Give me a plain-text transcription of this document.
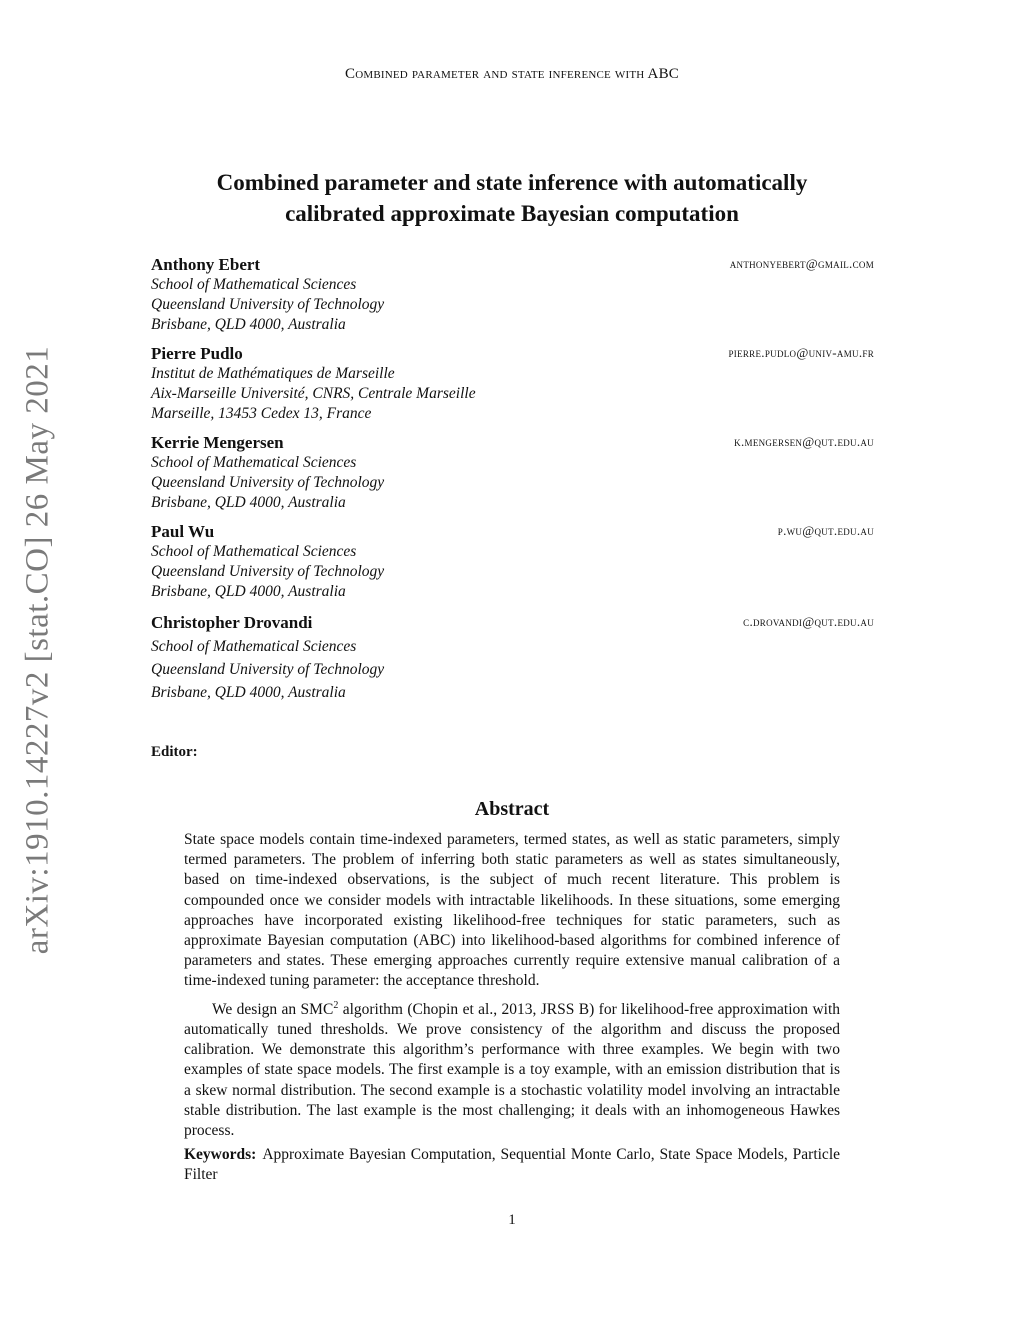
Combined parameter and state inference with ABC
arXiv:1910.14227v2 [stat.CO] 26 May 2021
Combined parameter and state inference with automatically
calibrated approximate Bayesian computation
Anthony Ebert	anthonyebert@gmail.com
School of Mathematical Sciences
Queensland University of Technology
Brisbane, QLD 4000, Australia
Pierre Pudlo	pierre.pudlo@univ-amu.fr
Institut de Mathématiques de Marseille
Aix-Marseille Université, CNRS, Centrale Marseille
Marseille, 13453 Cedex 13, France
Kerrie Mengersen	k.mengersen@qut.edu.au
School of Mathematical Sciences
Queensland University of Technology
Brisbane, QLD 4000, Australia
Paul Wu	p.wu@qut.edu.au
School of Mathematical Sciences
Queensland University of Technology
Brisbane, QLD 4000, Australia
Christopher Drovandi	c.drovandi@qut.edu.au
School of Mathematical Sciences
Queensland University of Technology
Brisbane, QLD 4000, Australia
Editor:
Abstract

State space models contain time-indexed parameters, termed states, as well as static parameters, simply termed parameters. The problem of inferring both static parameters as well as states simultaneously, based on time-indexed observations, is the subject of much recent literature. This problem is compounded once we consider models with intractable likelihoods. In these situations, some emerging approaches have incorporated existing likelihood-free techniques for static parameters, such as approximate Bayesian computation (ABC) into likelihood-based algorithms for combined inference of parameters and states. These emerging approaches currently require extensive manual calibration of a time-indexed tuning parameter: the acceptance threshold.

We design an SMC$^2$ algorithm (Chopin et al., 2013, JRSS B) for likelihood-free approximation with automatically tuned thresholds. We prove consistency of the algorithm and discuss the proposed calibration. We demonstrate this algorithm’s performance with three examples. We begin with two examples of state space models. The first example is a toy example, with an emission distribution that is a skew normal distribution. The second example is a stochastic volatility model involving an intractable stable distribution. The last example is the most challenging; it deals with an inhomogeneous Hawkes process.

Keywords: Approximate Bayesian Computation, Sequential Monte Carlo, State Space Models, Particle Filter
1
